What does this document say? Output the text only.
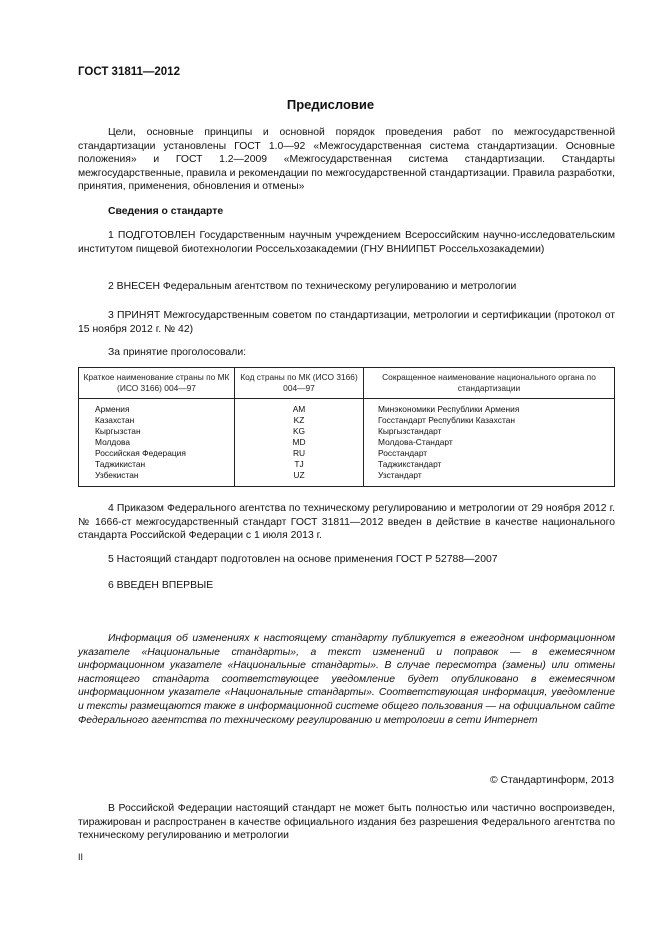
ГОСТ 31811—2012
Предисловие
Цели, основные принципы и основной порядок проведения работ по межгосударственной стандартизации установлены ГОСТ 1.0—92 «Межгосударственная система стандартизации. Основные положения» и ГОСТ 1.2—2009 «Межгосударственная система стандартизации. Стандарты межгосударственные, правила и рекомендации по межгосударственной стандартизации. Правила разработки, принятия, применения, обновления и отмены»
Сведения о стандарте
1 ПОДГОТОВЛЕН Государственным научным учреждением Всероссийским научно-исследовательским институтом пищевой биотехнологии Россельхозакадемии (ГНУ ВНИИПБТ Россельхозакадемии)
2 ВНЕСЕН Федеральным агентством по техническому регулированию и метрологии
3 ПРИНЯТ Межгосударственным советом по стандартизации, метрологии и сертификации (протокол от 15 ноября 2012 г. № 42)
За принятие проголосовали:
Краткое наименование страны по МК (ИСО 3166) 004—97	Код страны по МК (ИСО 3166) 004—97	Сокращенное наименование национального органа по стандартизации
Армения	AM	Минэкономики Республики Армения
Казахстан	KZ	Госстандарт Республики Казахстан
Кыргызстан	KG	Кыргызстандарт
Молдова	MD	Молдова-Стандарт
Российская Федерация	RU	Росстандарт
Таджикистан	TJ	Таджикстандарт
Узбекистан	UZ	Узстандарт
4 Приказом Федерального агентства по техническому регулированию и метрологии от 29 ноября 2012 г. № 1666-ст межгосударственный стандарт ГОСТ 31811—2012 введен в действие в качестве национального стандарта Российской Федерации с 1 июля 2013 г.
5 Настоящий стандарт подготовлен на основе применения ГОСТ Р 52788—2007
6 ВВЕДЕН ВПЕРВЫЕ
Информация об изменениях к настоящему стандарту публикуется в ежегодном информационном указателе «Национальные стандарты», а текст изменений и поправок — в ежемесячном информационном указателе «Национальные стандарты». В случае пересмотра (замены) или отмены настоящего стандарта соответствующее уведомление будет опубликовано в ежемесячном информационном указателе «Национальные стандарты». Соответствующая информация, уведомление и тексты размещаются также в информационной системе общего пользования — на официальном сайте Федерального агентства по техническому регулированию и метрологии в сети Интернет
© Стандартинформ, 2013
В Российской Федерации настоящий стандарт не может быть полностью или частично воспроизведен, тиражирован и распространен в качестве официального издания без разрешения Федерального агентства по техническому регулированию и метрологии
II
